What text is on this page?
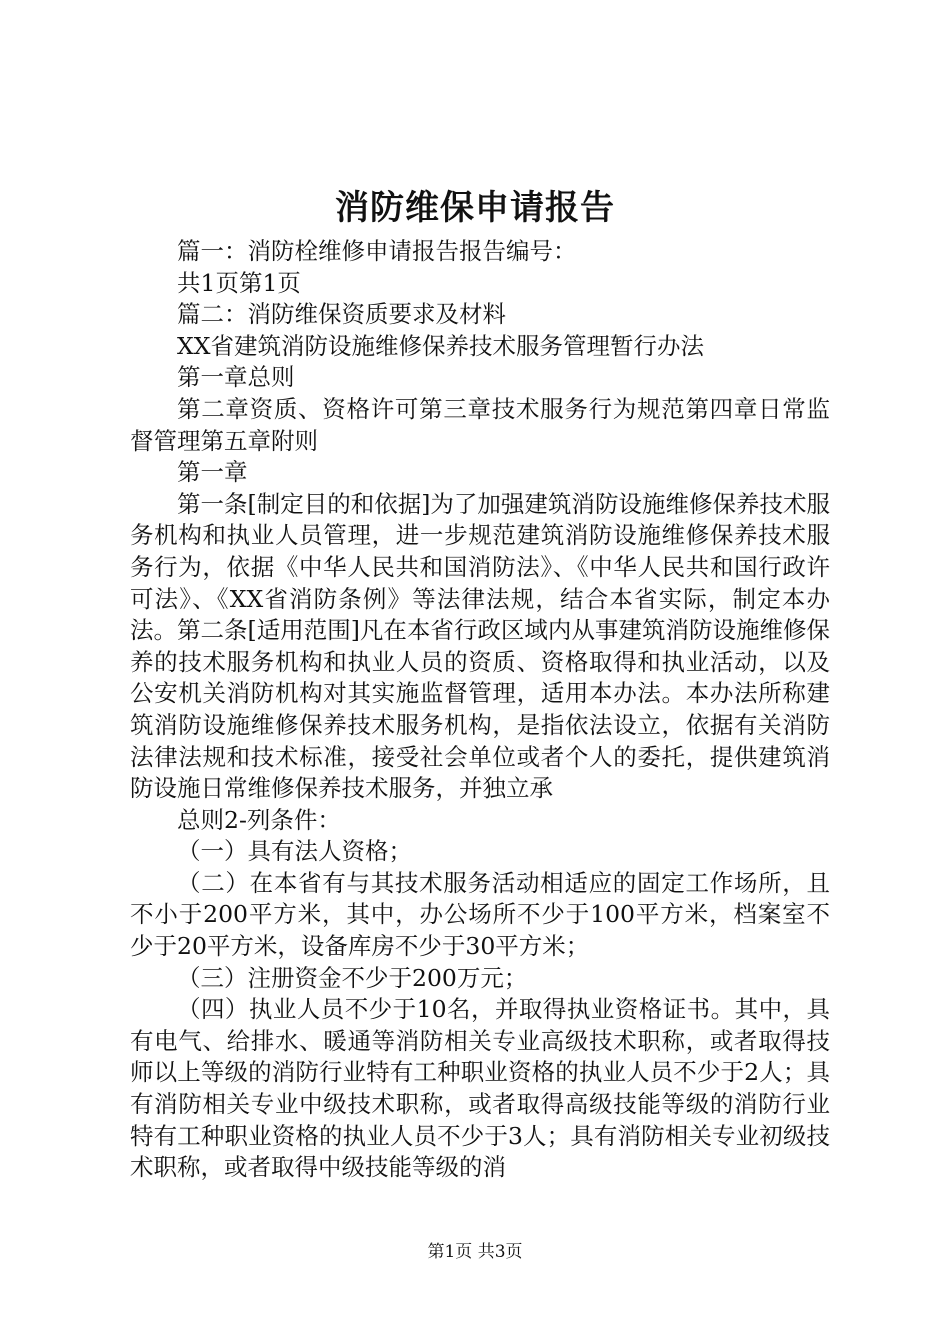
消防维保申请报告

篇一：消防栓维修申请报告报告编号：

共1页第1页

篇二：消防维保资质要求及材料

XX省建筑消防设施维修保养技术服务管理暂行办法

第一章总则

第二章资质、资格许可第三章技术服务行为规范第四章日常监督管理第五章附则

第一章

第一条[制定目的和依据]为了加强建筑消防设施维修保养技术服务机构和执业人员管理，进一步规范建筑消防设施维修保养技术服务行为，依据《中华人民共和国消防法》、《中华人民共和国行政许可法》、《XX省消防条例》等法律法规，结合本省实际，制定本办法。第二条[适用范围]凡在本省行政区域内从事建筑消防设施维修保养的技术服务机构和执业人员的资质、资格取得和执业活动，以及公安机关消防机构对其实施监督管理，适用本办法。本办法所称建筑消防设施维修保养技术服务机构，是指依法设立，依据有关消防法律法规和技术标准，接受社会单位或者个人的委托，提供建筑消防设施日常维修保养技术服务，并独立承

总则2-列条件：

（一）具有法人资格；

（二）在本省有与其技术服务活动相适应的固定工作场所，且不小于200平方米，其中，办公场所不少于100平方米，档案室不少于20平方米，设备库房不少于30平方米；

（三）注册资金不少于200万元；

（四）执业人员不少于10名，并取得执业资格证书。其中，具有电气、给排水、暖通等消防相关专业高级技术职称，或者取得技师以上等级的消防行业特有工种职业资格的执业人员不少于2人；具有消防相关专业中级技术职称，或者取得高级技能等级的消防行业特有工种职业资格的执业人员不少于3人；具有消防相关专业初级技术职称，或者取得中级技能等级的消

第1页 共3页
